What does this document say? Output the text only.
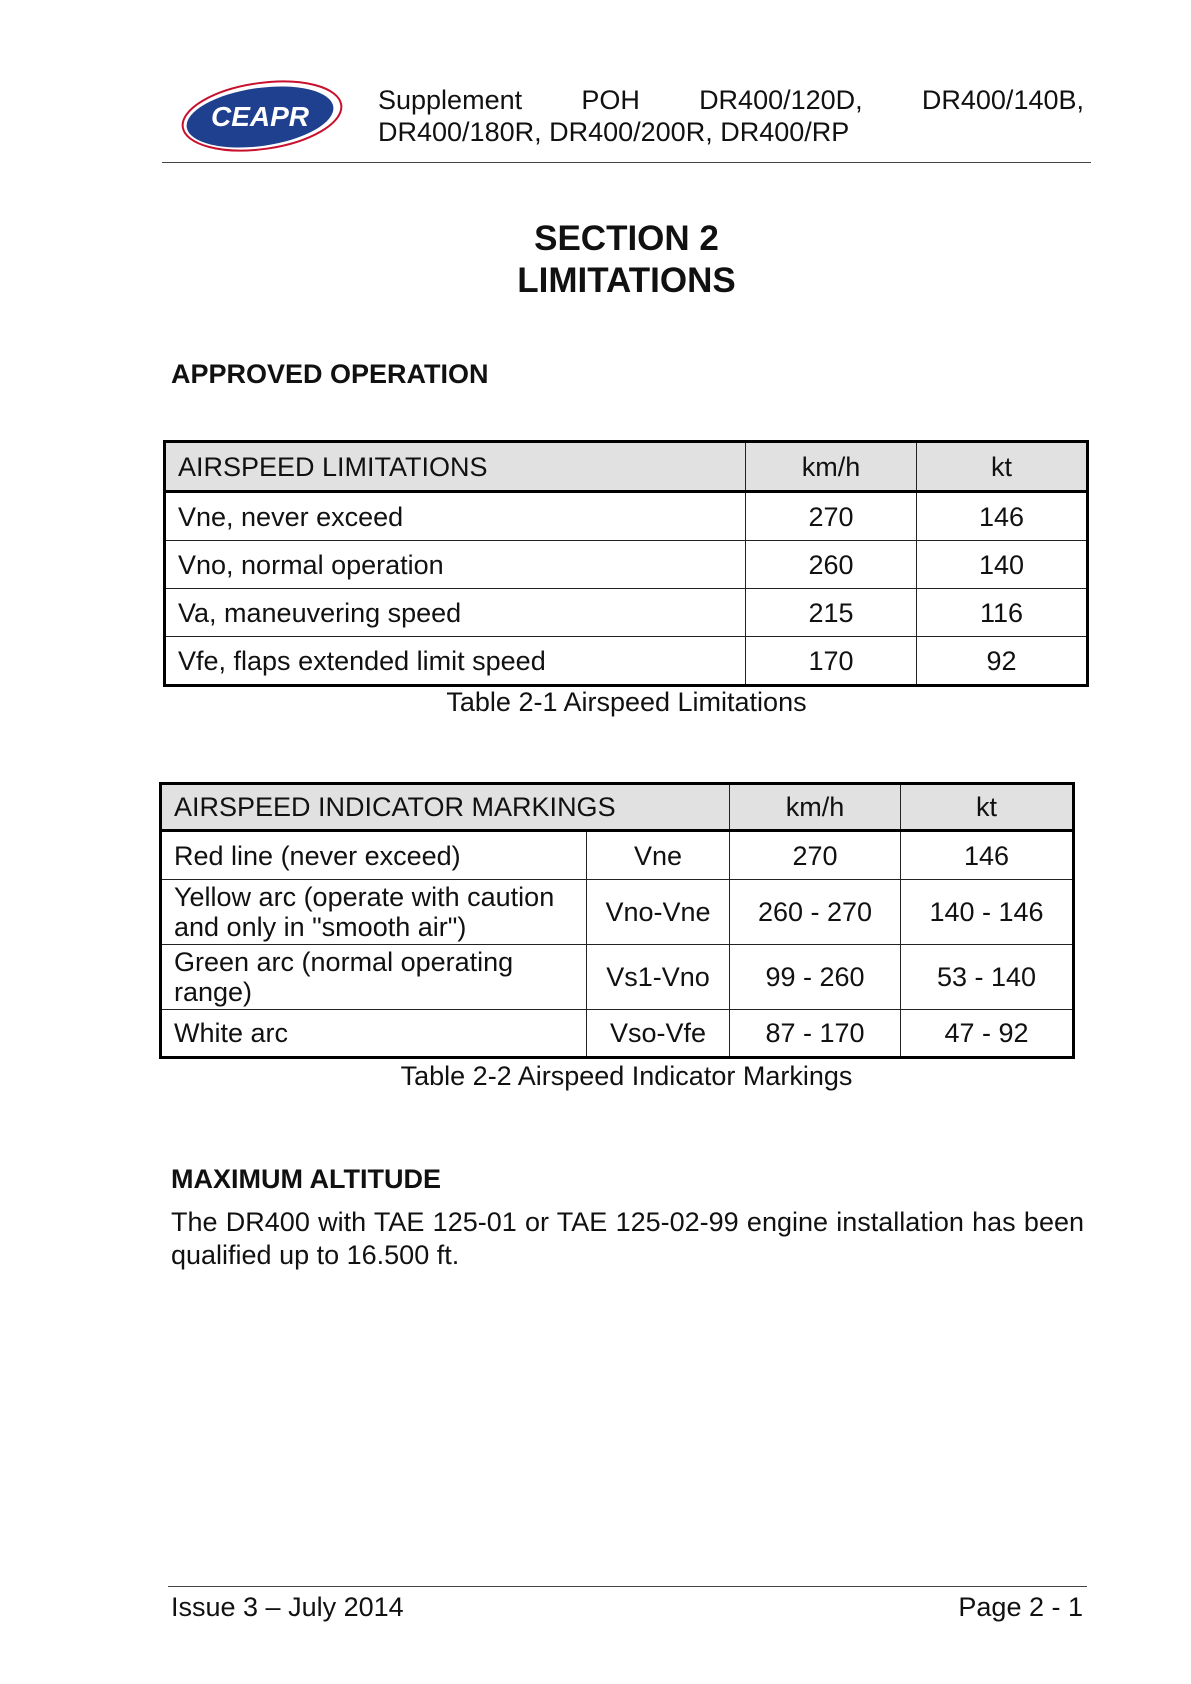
CEAPR
Supplement POH DR400/120D, DR400/140B,
DR400/180R, DR400/200R, DR400/RP
SECTION 2
LIMITATIONS
APPROVED OPERATION
AIRSPEED LIMITATIONS	km/h	kt
Vne, never exceed	270	146
Vno, normal operation	260	140
Va, maneuvering speed	215	116
Vfe, flaps extended limit speed	170	92
Table 2-1 Airspeed Limitations
AIRSPEED INDICATOR MARKINGS		km/h	kt
Red line (never exceed)	Vne	270	146
Yellow arc (operate with caution and only in "smooth air")	Vno-Vne	260 - 270	140 - 146
Green arc (normal operating range)	Vs1-Vno	99 - 260	53 - 140
White arc	Vso-Vfe	87 - 170	47 - 92
Table 2-2 Airspeed Indicator Markings
MAXIMUM ALTITUDE
The DR400 with TAE 125-01 or TAE 125-02-99 engine installation has been qualified up to 16.500 ft.
Issue 3 – July 2014	Page 2 - 1
